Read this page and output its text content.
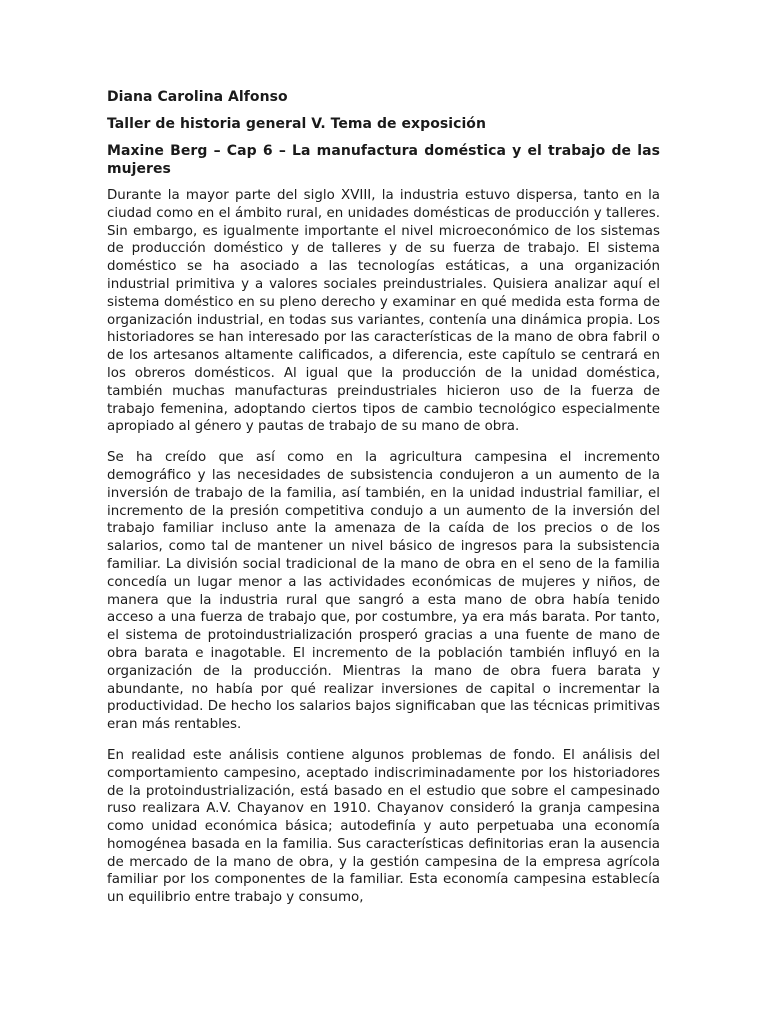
Diana Carolina Alfonso
Taller de historia general V. Tema de exposición
Maxine Berg – Cap 6 – La manufactura doméstica y el trabajo de las mujeres

Durante la mayor parte del siglo XVIII, la industria estuvo dispersa, tanto en la ciudad como en el ámbito rural, en unidades domésticas de producción y talleres. Sin embargo, es igualmente importante el nivel microeconómico de los sistemas de producción doméstico y de talleres y de su fuerza de trabajo. El sistema doméstico se ha asociado a las tecnologías estáticas, a una organización industrial primitiva y a valores sociales preindustriales. Quisiera analizar aquí el sistema doméstico en su pleno derecho y examinar en qué medida esta forma de organización industrial, en todas sus variantes, contenía una dinámica propia. Los historiadores se han interesado por las características de la mano de obra fabril o de los artesanos altamente calificados, a diferencia, este capítulo se centrará en los obreros domésticos. Al igual que la producción de la unidad doméstica, también muchas manufacturas preindustriales hicieron uso de la fuerza de trabajo femenina, adoptando ciertos tipos de cambio tecnológico especialmente apropiado al género y pautas de trabajo de su mano de obra.

Se ha creído que así como en la agricultura campesina el incremento demográfico y las necesidades de subsistencia condujeron a un aumento de la inversión de trabajo de la familia, así también, en la unidad industrial familiar, el incremento de la presión competitiva condujo a un aumento de la inversión del trabajo familiar incluso ante la amenaza de la caída de los precios o de los salarios, como tal de mantener un nivel básico de ingresos para la subsistencia familiar. La división social tradicional de la mano de obra en el seno de la familia concedía un lugar menor a las actividades económicas de mujeres y niños, de manera que la industria rural que sangró a esta mano de obra había tenido acceso a una fuerza de trabajo que, por costumbre, ya era más barata. Por tanto, el sistema de protoindustrialización prosperó gracias a una fuente de mano de obra barata e inagotable. El incremento de la población también influyó en la organización de la producción. Mientras la mano de obra fuera barata y abundante, no había por qué realizar inversiones de capital o incrementar la productividad. De hecho los salarios bajos significaban que las técnicas primitivas eran más rentables.

En realidad este análisis contiene algunos problemas de fondo. El análisis del comportamiento campesino, aceptado indiscriminadamente por los historiadores de la protoindustrialización, está basado en el estudio que sobre el campesinado ruso realizara A.V. Chayanov en 1910. Chayanov consideró la granja campesina como unidad económica básica; autodefinía y auto perpetuaba una economía homogénea basada en la familia. Sus características definitorias eran la ausencia de mercado de la mano de obra, y la gestión campesina de la empresa agrícola familiar por los componentes de la familiar. Esta economía campesina establecía un equilibrio entre trabajo y consumo,
